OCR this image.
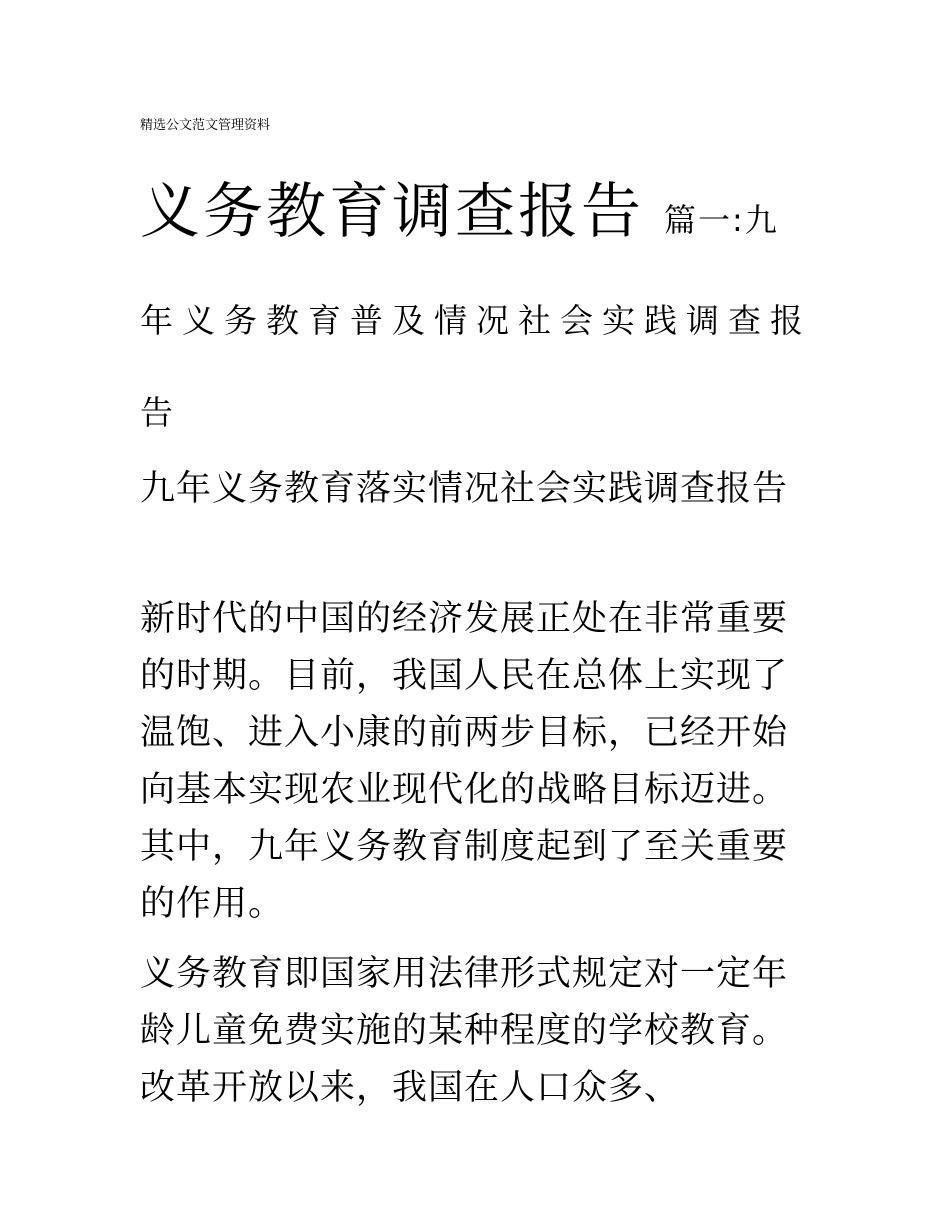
精选公文范文管理资料
义务教育调查报告 篇一:九
年义务教育普及情况社会实践调查报
告
九年义务教育落实情况社会实践调查报告
新时代的中国的经济发展正处在非常重要的时期。目前，我国人民在总体上实现了温饱、进入小康的前两步目标，已经开始向基本实现农业现代化的战略目标迈进。其中，九年义务教育制度起到了至关重要的作用。
义务教育即国家用法律形式规定对一定年龄儿童免费实施的某种程度的学校教育。改革开放以来，我国在人口众多、
